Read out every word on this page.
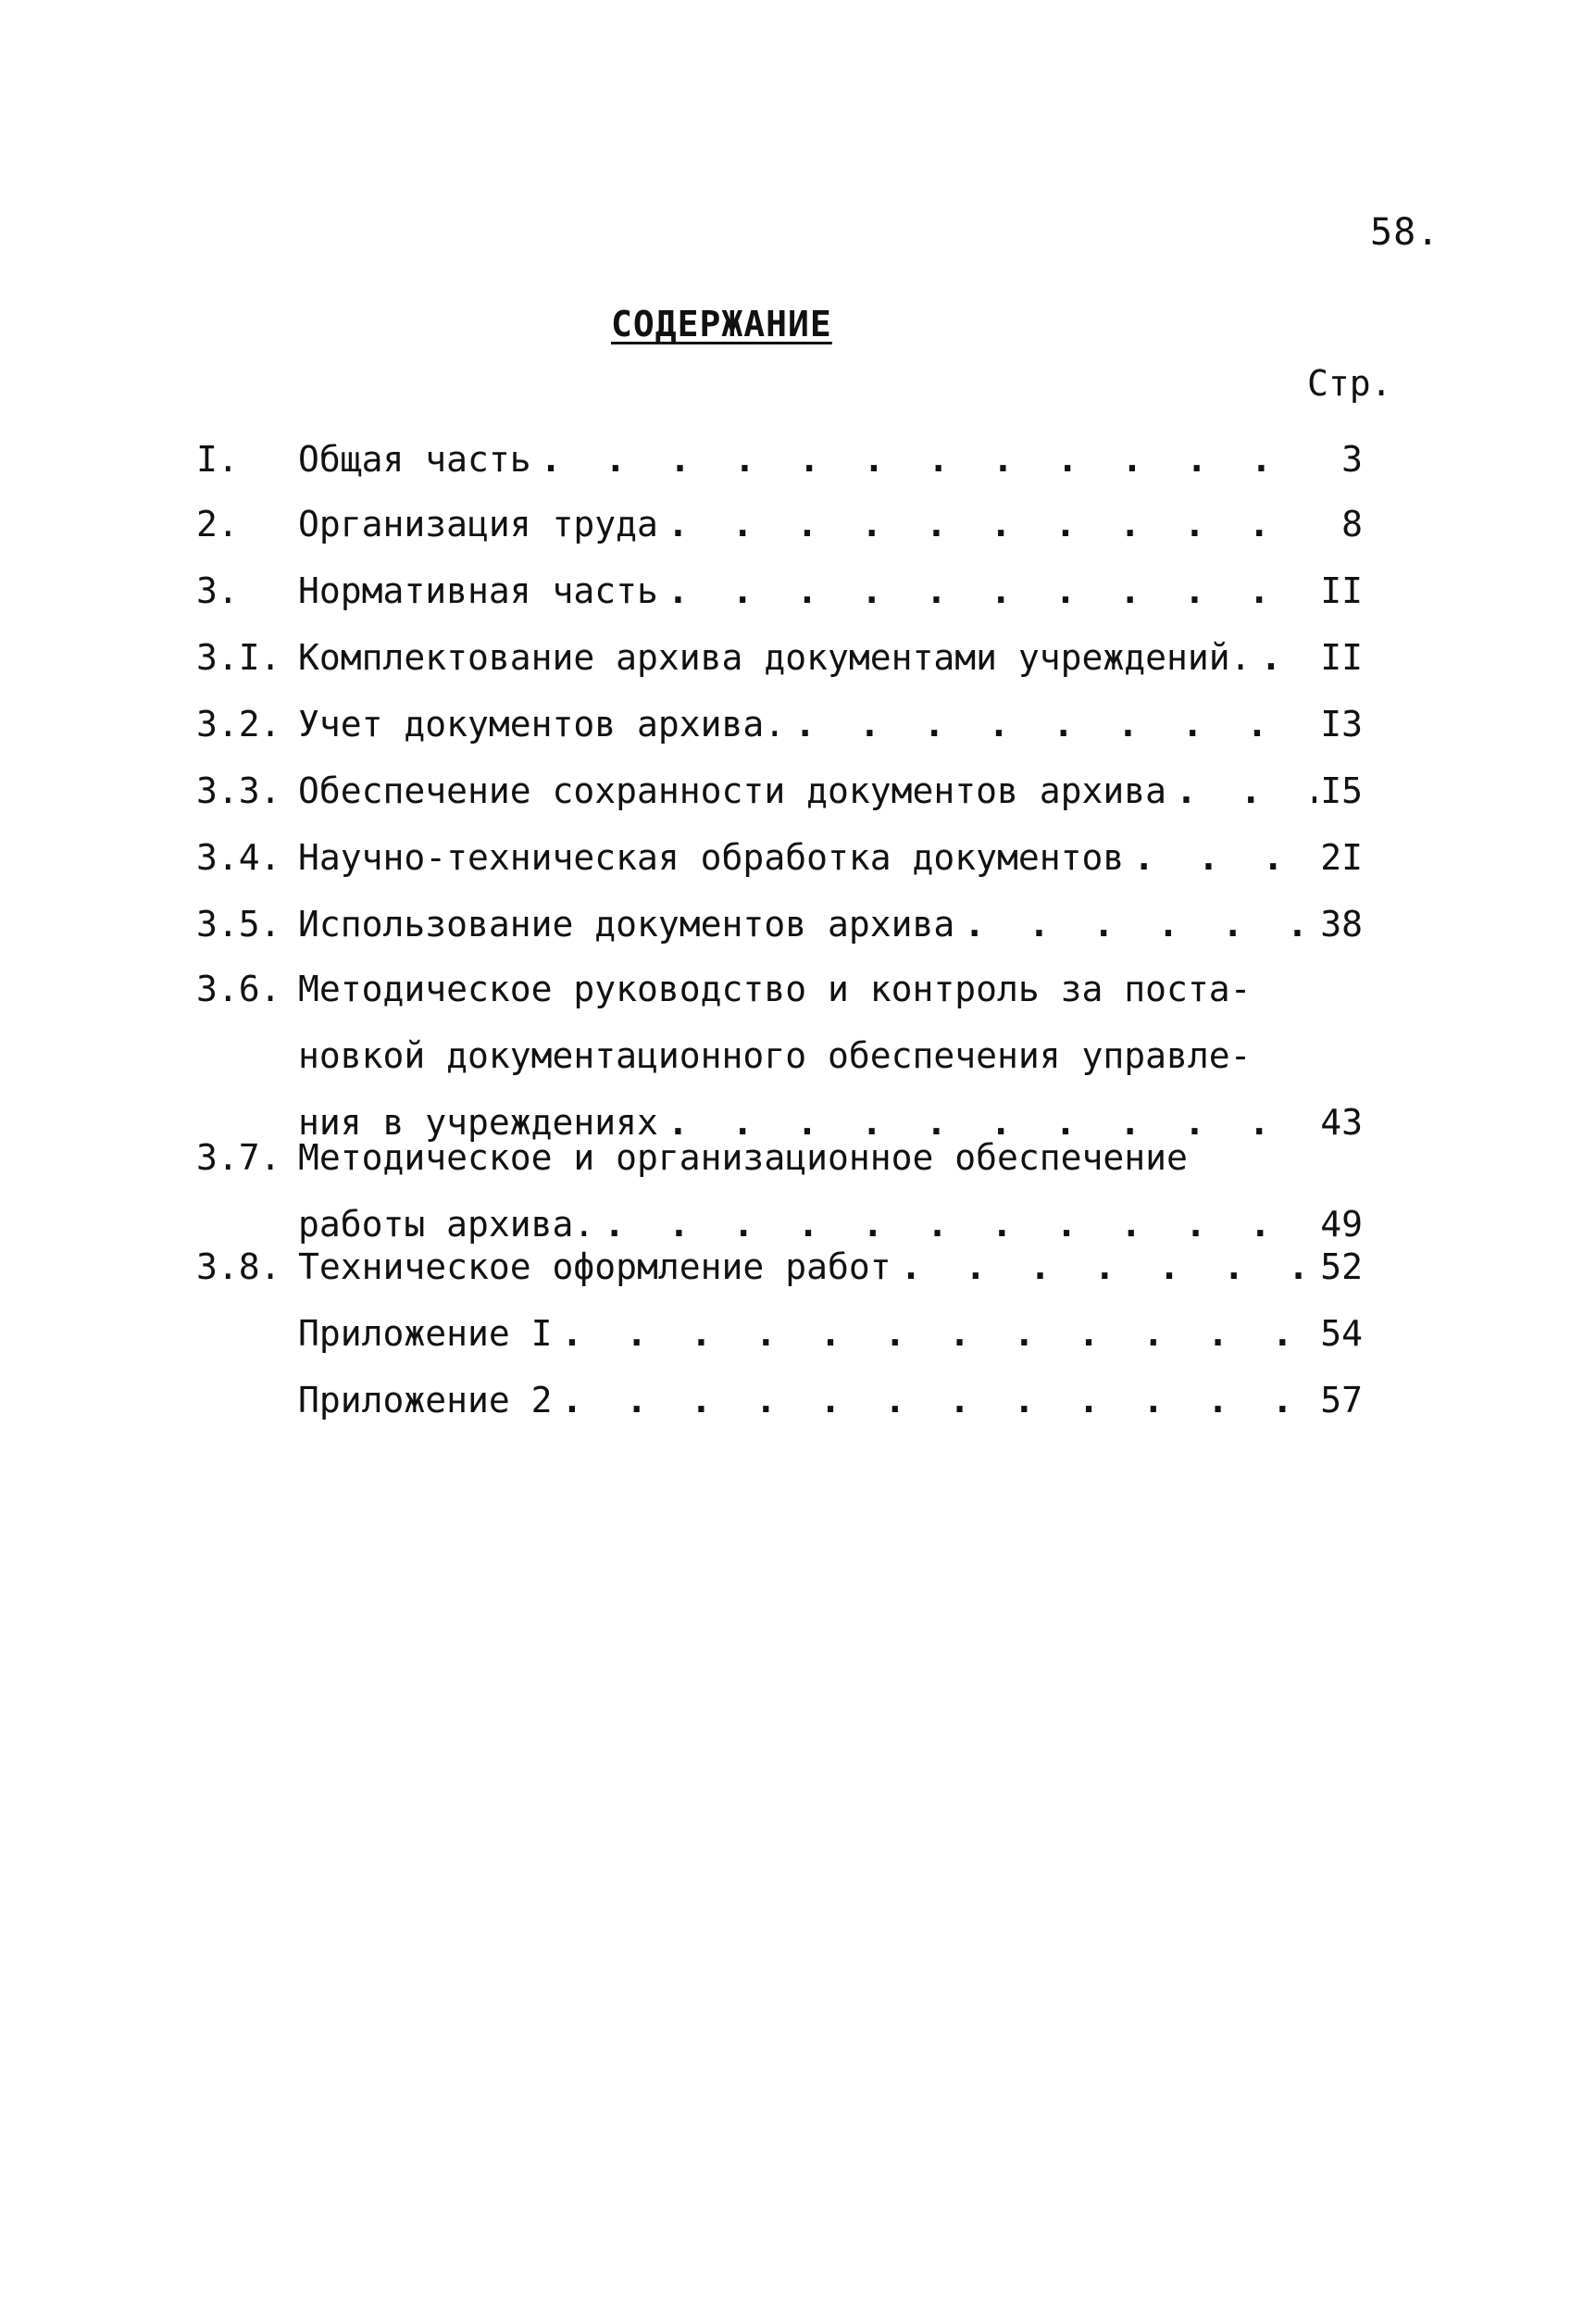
58.
СОДЕРЖАНИЕ
Стр.
I. Общая часть . . .	3
2. Организация труда . . .	8
3. Нормативная часть . . .	II
3.I. Комплектование архива документами учреждений. . . . II
3.2. Учет документов архива. . . .	I3
3.3. Обеспечение сохранности документов архива . . .	I5
3.4. Научно-техническая обработка документов . . .	2I
3.5. Использование документов архива . . .	38
3.6. Методическое руководство и контроль за поста-
новкой документационного обеспечения управле-
ния в учреждениях . . .	43
3.7. Методическое и организационное обеспечение
работы архива. . . .	49
3.8. Техническое оформление работ . . .	52
Приложение I . . .	54
Приложение 2 . . .	57
